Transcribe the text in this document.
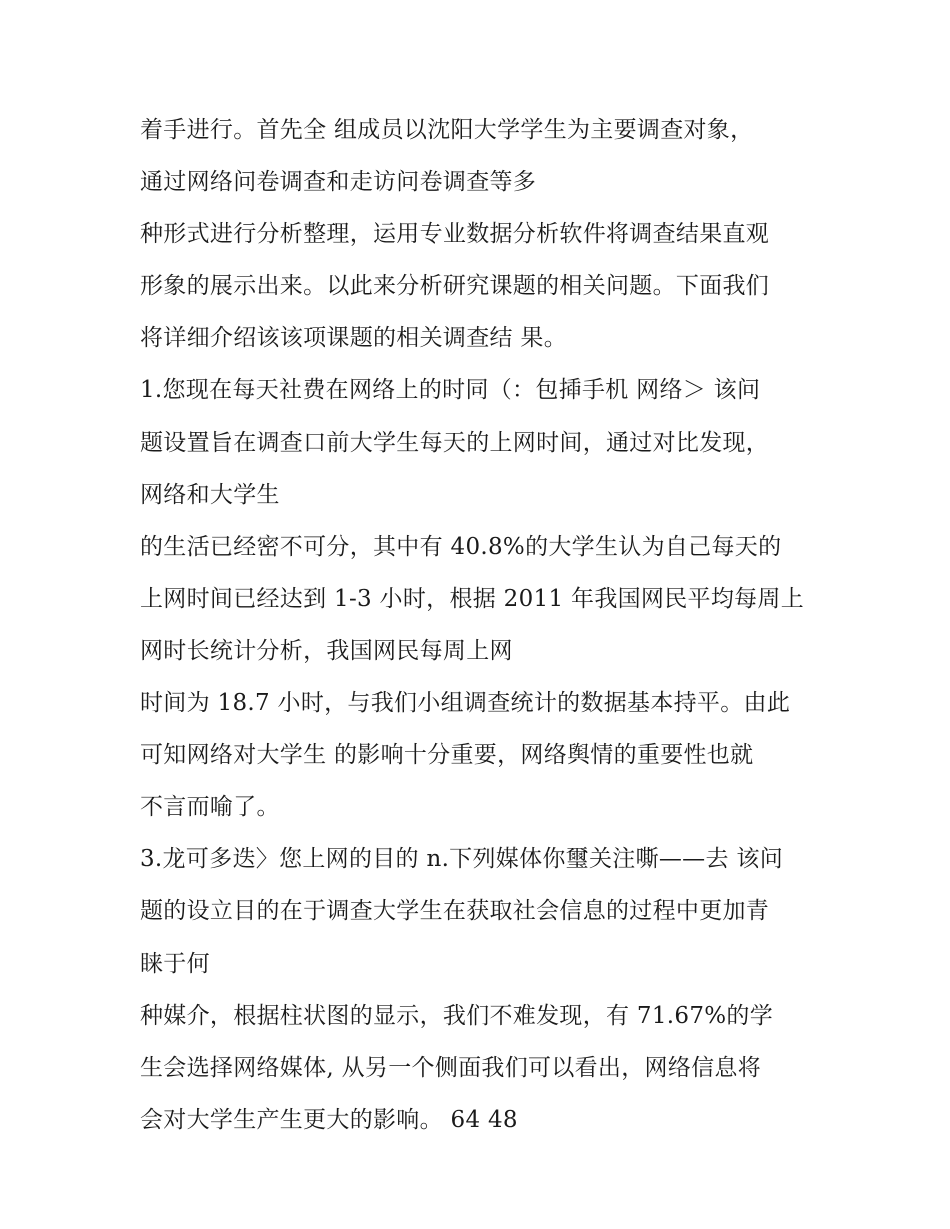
着手进行。首先全 组成员以沈阳大学学生为主要调查对象，
通过网络问卷调查和走访问卷调查等多
种形式进行分析整理，运用专业数据分析软件将调查结果直观
形象的展示出来。以此来分析研究课题的相关问题。下面我们
将详细介绍该该项课题的相关调查结 果。
1.您现在每天社费在网络上的时同（：包揷手机 网络＞ 该问
题设置旨在调查口前大学生每天的上网时间，通过对比发现，
网络和大学生
的生活已经密不可分，其中有 40.8%的大学生认为自己每天的
上网时间已经达到 1-3 小时，根据 2011 年我国网民平均每周上
网时长统计分析，我国网民每周上网
时间为 18.7 小时，与我们小组调查统计的数据基本持平。由此
可知网络对大学生 的影响十分重要，网络舆情的重要性也就
不言而喻了。
3.龙可多迭〉您上网的目的 n.下列媒体你璽关注嘶——去 该问
题的设立目的在于调查大学生在获取社会信息的过程中更加青
睐于何
种媒介，根据柱状图的显示，我们不难发现，有 71.67%的学
生会选择网络媒体, 从另一个侧面我们可以看出，网络信息将
会对大学生产生更大的影响。 64 48
